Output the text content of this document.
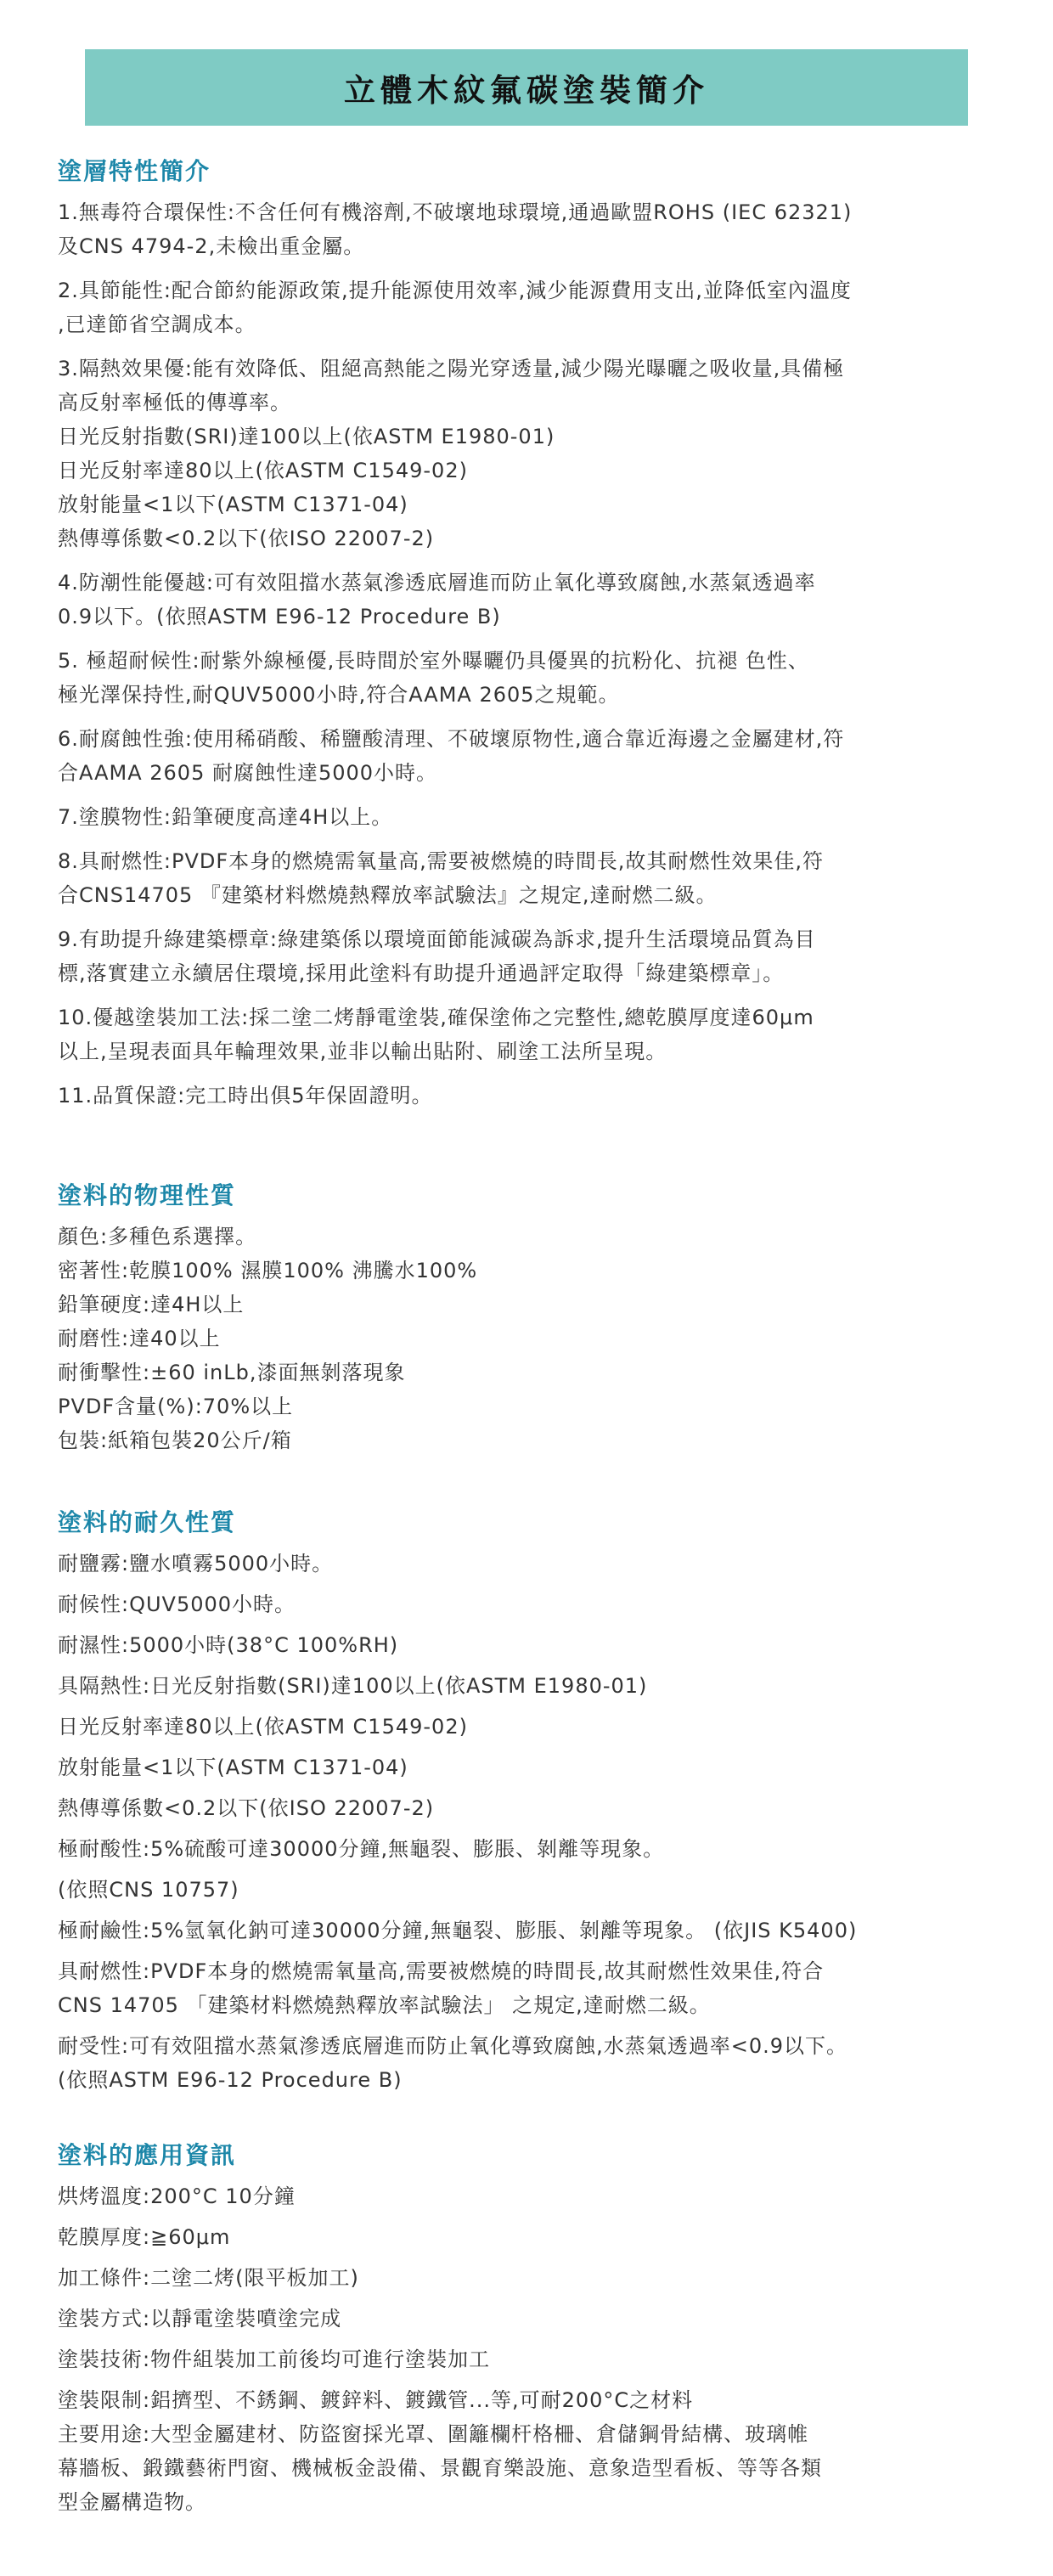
立體木紋氟碳塗裝簡介
塗層特性簡介

1.無毒符合環保性:不含任何有機溶劑,不破壞地球環境,通過歐盟ROHS (IEC 62321)

及CNS 4794-2,未檢出重金屬。

2.具節能性:配合節約能源政策,提升能源使用效率,減少能源費用支出,並降低室內溫度

,已達節省空調成本。

3.隔熱效果優:能有效降低、阻絕高熱能之陽光穿透量,減少陽光曝曬之吸收量,具備極

高反射率極低的傳導率。

日光反射指數(SRI)達100以上(依ASTM E1980-01)

日光反射率達80以上(依ASTM C1549-02)

放射能量<1以下(ASTM C1371-04)

熱傳導係數<0.2以下(依ISO 22007-2)

4.防潮性能優越:可有效阻擋水蒸氣滲透底層進而防止氧化導致腐蝕,水蒸氣透過率

0.9以下。(依照ASTM E96-12 Procedure B)

5. 極超耐候性:耐紫外線極優,長時間於室外曝曬仍具優異的抗粉化、抗褪 色性、

極光澤保持性,耐QUV5000小時,符合AAMA 2605之規範。

6.耐腐蝕性強:使用稀硝酸、稀鹽酸清理、不破壞原物性,適合靠近海邊之金屬建材,符

合AAMA 2605 耐腐蝕性達5000小時。

7.塗膜物性:鉛筆硬度高達4H以上。

8.具耐燃性:PVDF本身的燃燒需氧量高,需要被燃燒的時間長,故其耐燃性效果佳,符

合CNS14705 『建築材料燃燒熱釋放率試驗法』之規定,達耐燃二級。

9.有助提升綠建築標章:綠建築係以環境面節能減碳為訴求,提升生活環境品質為目

標,落實建立永續居住環境,採用此塗料有助提升通過評定取得「綠建築標章」。

10.優越塗裝加工法:採二塗二烤靜電塗裝,確保塗佈之完整性,總乾膜厚度達60μm

以上,呈現表面具年輪理效果,並非以輸出貼附、刷塗工法所呈現。

11.品質保證:完工時出俱5年保固證明。

塗料的物理性質

顏色:多種色系選擇。

密著性:乾膜100% 濕膜100% 沸騰水100%

鉛筆硬度:達4H以上

耐磨性:達40以上

耐衝擊性:±60 inLb,漆面無剝落現象

PVDF含量(%):70%以上

包裝:紙箱包裝20公斤/箱

塗料的耐久性質

耐鹽霧:鹽水噴霧5000小時。

耐候性:QUV5000小時。

耐濕性:5000小時(38°C 100%RH)

具隔熱性:日光反射指數(SRI)達100以上(依ASTM E1980-01)

日光反射率達80以上(依ASTM C1549-02)

放射能量<1以下(ASTM C1371-04)

熱傳導係數<0.2以下(依ISO 22007-2)

極耐酸性:5%硫酸可達30000分鐘,無龜裂、膨脹、剝離等現象。

(依照CNS 10757)

極耐鹼性:5%氫氧化鈉可達30000分鐘,無龜裂、膨脹、剝離等現象。 (依JIS K5400)

具耐燃性:PVDF本身的燃燒需氧量高,需要被燃燒的時間長,故其耐燃性效果佳,符合

CNS 14705 「建築材料燃燒熱釋放率試驗法」 之規定,達耐燃二級。

耐受性:可有效阻擋水蒸氣滲透底層進而防止氧化導致腐蝕,水蒸氣透過率<0.9以下。

(依照ASTM E96-12 Procedure B)

塗料的應用資訊

烘烤溫度:200°C 10分鐘

乾膜厚度:≧60μm

加工條件:二塗二烤(限平板加工)

塗裝方式:以靜電塗裝噴塗完成

塗裝技術:物件組裝加工前後均可進行塗裝加工

塗裝限制:鋁擠型、不銹鋼、鍍鋅料、鍍鐵管...等,可耐200°C之材料

主要用途:大型金屬建材、防盜窗採光罩、圍籬欄杆格柵、倉儲鋼骨結構、玻璃帷

幕牆板、鍛鐵藝術門窗、機械板金設備、景觀育樂設施、意象造型看板、等等各類

型金屬構造物。
